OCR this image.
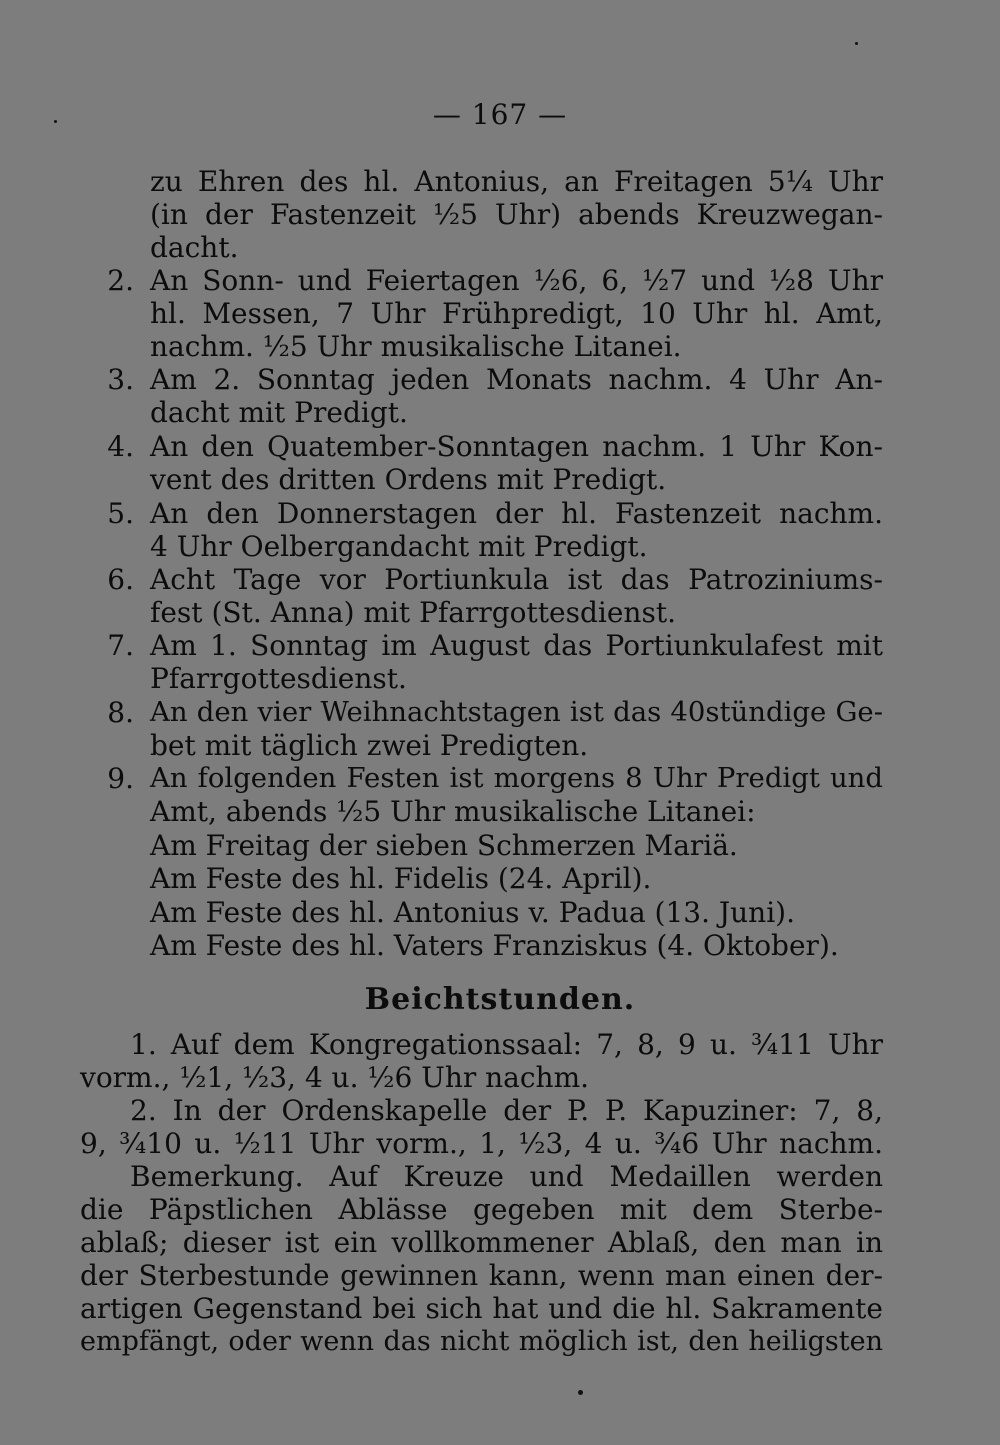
— 167 —
zu Ehren des hl. Antonius, an Freitagen 5¼ Uhr
(in der Fastenzeit ½5 Uhr) abends Kreuzwegan-
dacht.
2. An Sonn- und Feiertagen ½6, 6, ½7 und ½8 Uhr
hl. Messen, 7 Uhr Frühpredigt, 10 Uhr hl. Amt,
nachm. ½5 Uhr musikalische Litanei.
3. Am 2. Sonntag jeden Monats nachm. 4 Uhr An-
dacht mit Predigt.
4. An den Quatember-Sonntagen nachm. 1 Uhr Kon-
vent des dritten Ordens mit Predigt.
5. An den Donnerstagen der hl. Fastenzeit nachm.
4 Uhr Oelbergandacht mit Predigt.
6. Acht Tage vor Portiunkula ist das Patroziniums-
fest (St. Anna) mit Pfarrgottesdienst.
7. Am 1. Sonntag im August das Portiunkulafest mit
Pfarrgottesdienst.
8. An den vier Weihnachtstagen ist das 40stündige Ge-
bet mit täglich zwei Predigten.
9. An folgenden Festen ist morgens 8 Uhr Predigt und
Amt, abends ½5 Uhr musikalische Litanei:
Am Freitag der sieben Schmerzen Mariä.
Am Feste des hl. Fidelis (24. April).
Am Feste des hl. Antonius v. Padua (13. Juni).
Am Feste des hl. Vaters Franziskus (4. Oktober).
Beichtstunden.
1. Auf dem Kongregationssaal: 7, 8, 9 u. ¾11 Uhr
vorm., ½1, ½3, 4 u. ½6 Uhr nachm.
2. In der Ordenskapelle der P. P. Kapuziner: 7, 8,
9, ¾10 u. ½11 Uhr vorm., 1, ½3, 4 u. ¾6 Uhr nachm.
Bemerkung. Auf Kreuze und Medaillen werden
die Päpstlichen Ablässe gegeben mit dem Sterbe-
ablaß; dieser ist ein vollkommener Ablaß, den man in
der Sterbestunde gewinnen kann, wenn man einen der-
artigen Gegenstand bei sich hat und die hl. Sakramente
empfängt, oder wenn das nicht möglich ist, den heiligsten
